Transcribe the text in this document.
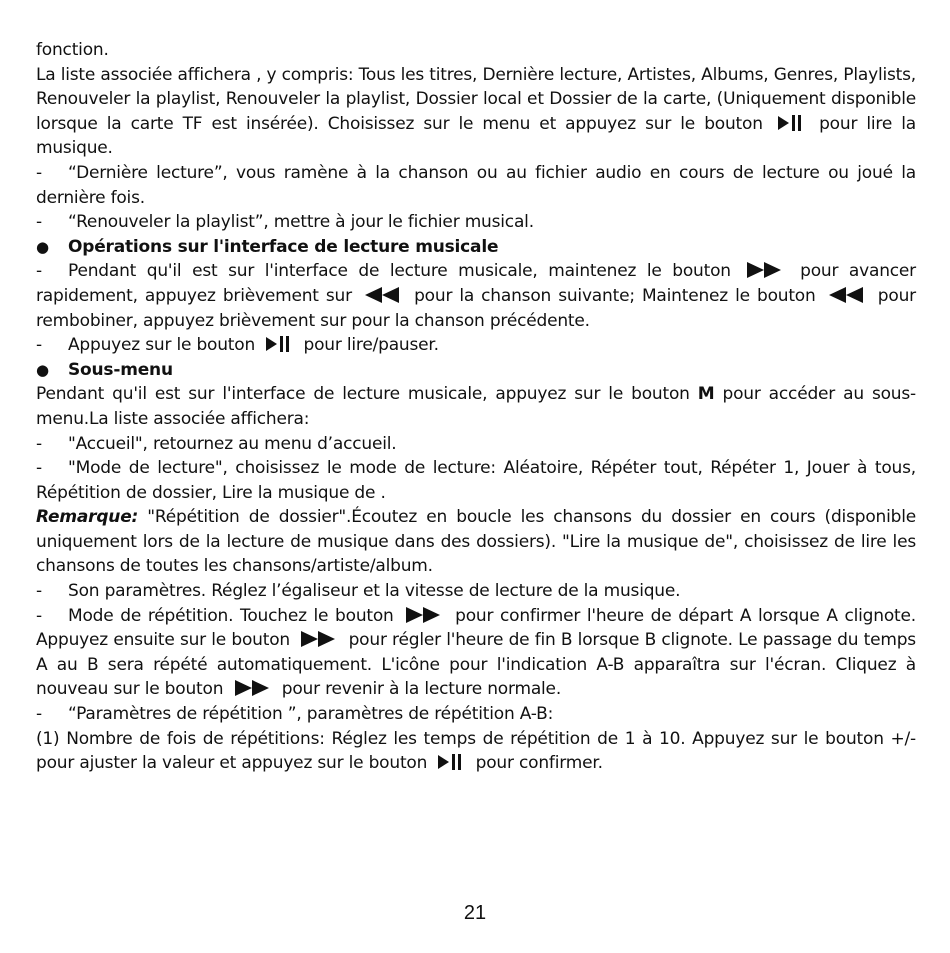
fonction.
La liste associée affichera , y compris: Tous les titres, Dernière lecture, Artistes, Albums, Genres, Playlists, Renouveler la playlist, Renouveler la playlist, Dossier local et Dossier de la carte, (Uniquement disponible lorsque la carte TF est insérée). Choisissez sur le menu et appuyez sur le bouton	pour lire la musique.
- “Dernière lecture”, vous ramène à la chanson ou au fichier audio en cours de lecture ou joué la dernière fois.
- “Renouveler la playlist”, mettre à jour le fichier musical.
● Opérations sur l'interface de lecture musicale
- Pendant qu'il est sur l'interface de lecture musicale, maintenez le bouton	pour avancer rapidement, appuyez brièvement sur	pour la chanson suivante; Maintenez le bouton	pour rembobiner, appuyez brièvement sur pour la chanson précédente.
- Appuyez sur le bouton	pour lire/pauser.
● Sous-menu
Pendant qu'il est sur l'interface de lecture musicale, appuyez sur le bouton M pour accéder au sous-menu.La liste associée affichera:
- "Accueil", retournez au menu d’accueil.
- "Mode de lecture", choisissez le mode de lecture: Aléatoire, Répéter tout, Répéter 1, Jouer à tous, Répétition de dossier, Lire la musique de .
Remarque: "Répétition de dossier".Écoutez en boucle les chansons du dossier en cours (disponible uniquement lors de la lecture de musique dans des dossiers). "Lire la musique de", choisissez de lire les chansons de toutes les chansons/artiste/album.
- Son paramètres. Réglez l’égaliseur et la vitesse de lecture de la musique.
- Mode de répétition. Touchez le bouton	pour confirmer l'heure de départ A lorsque A clignote. Appuyez ensuite sur le bouton	pour régler l'heure de fin B lorsque B clignote. Le passage du temps A au B sera répété automatiquement. L'icône pour l'indication A-B apparaîtra sur l'écran. Cliquez à nouveau sur le bouton	pour revenir à la lecture normale.
- “Paramètres de répétition ”, paramètres de répétition A-B:
(1) Nombre de fois de répétitions: Réglez les temps de répétition de 1 à 10. Appuyez sur le bouton +/-pour ajuster la valeur et appuyez sur le bouton	pour confirmer.
21
